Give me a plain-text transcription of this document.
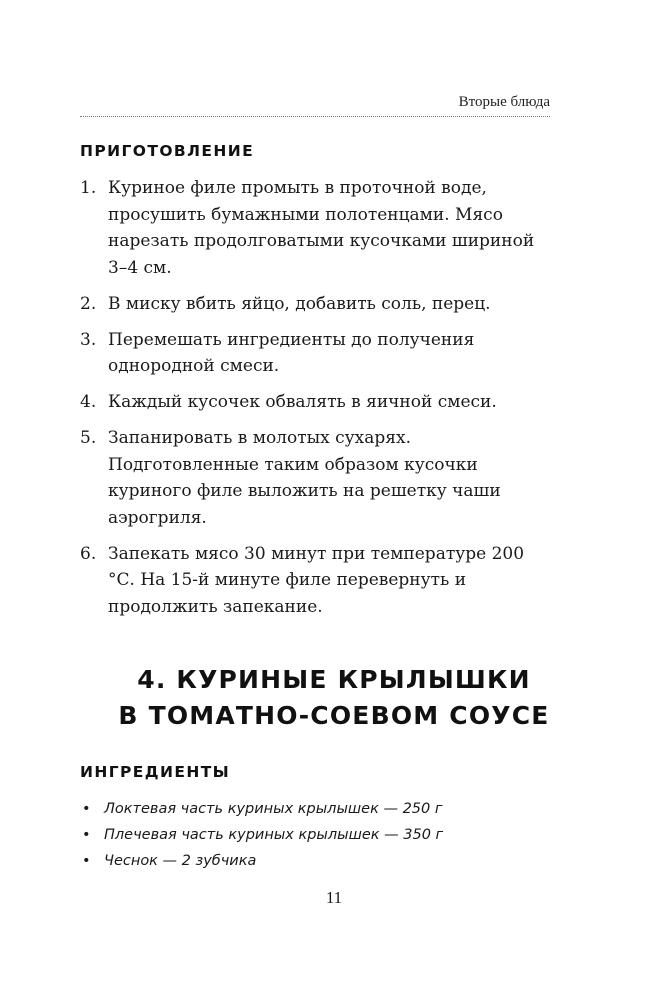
Вторые блюда
ПРИГОТОВЛЕНИЕ
1. Куриное филе промыть в проточной воде, просушить бумажными полотенцами. Мясо нарезать продолговатыми кусочками шириной 3–4 см.
2. В миску вбить яйцо, добавить соль, перец.
3. Перемешать ингредиенты до получения однородной смеси.
4. Каждый кусочек обвалять в яичной смеси.
5. Запанировать в молотых сухарях. Подготовленные таким образом кусочки куриного филе выложить на решетку чаши аэрогриля.
6. Запекать мясо 30 минут при температуре 200 °С. На 15-й минуте филе перевернуть и продолжить запекание.
4. КУРИНЫЕ КРЫЛЫШКИ
В ТОМАТНО-СОЕВОМ СОУСЕ
ИНГРЕДИЕНТЫ
• Локтевая часть куриных крылышек — 250 г
• Плечевая часть куриных крылышек — 350 г
• Чеснок — 2 зубчика
11
